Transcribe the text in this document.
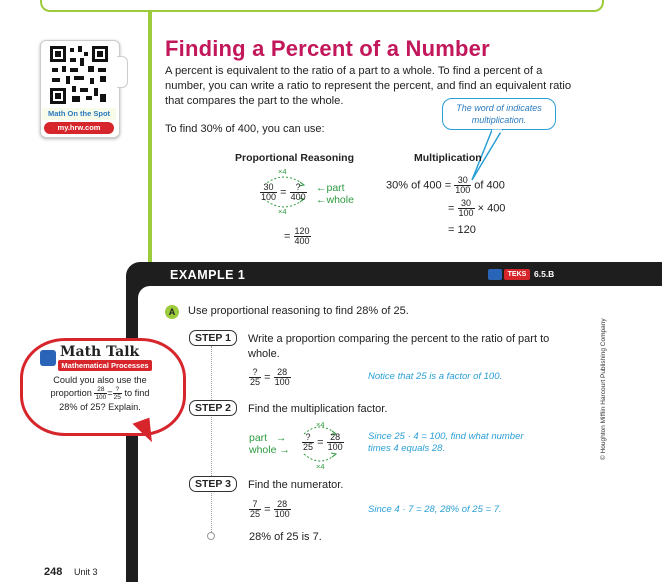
Math On the Spot
my.hrw.com
Finding a Percent of a Number
A percent is equivalent to the ratio of a part to a whole. To find a percent of a number, you can write a ratio to represent the percent, and find an equivalent ratio that compares the part to the whole.
To find 30% of 400, you can use:
The word of indicates multiplication.
Proportional Reasoning	Multiplication
×4
×4
$\frac{30}{100} = \frac{?}{400}$ ←part
←whole
= $\frac{120}{400}$
30% of $400 = \frac{30}{100}$ of 400
= $\frac{30}{100} \times 400$
= 120
EXAMPLE 1	TEKS 6.5.B
A	Use proportional reasoning to find 28% of 25.
STEP 1	Write a proportion comparing the percent to the ratio of part to whole.
$\frac{?}{25} = \frac{28}{100}$	Notice that 25 is a factor of 100.
STEP 2	Find the multiplication factor.
×4
×4
part →
whole → $\frac{?}{25} = \frac{28}{100}$	Since 25 · 4 = 100, find what number times 4 equals 28.
STEP 3	Find the numerator.
$\frac{7}{25} = \frac{28}{100}$	Since 4 · 7 = 28, 28% of 25 = 7.
28% of 25 is 7.
Math Talk
Mathematical Processes
Could you also use the
proportion $\frac{28}{100} = \frac{?}{25}$ to find
28% of 25? Explain.
248 Unit 3
© Houghton Mifflin Harcourt Publishing Company
